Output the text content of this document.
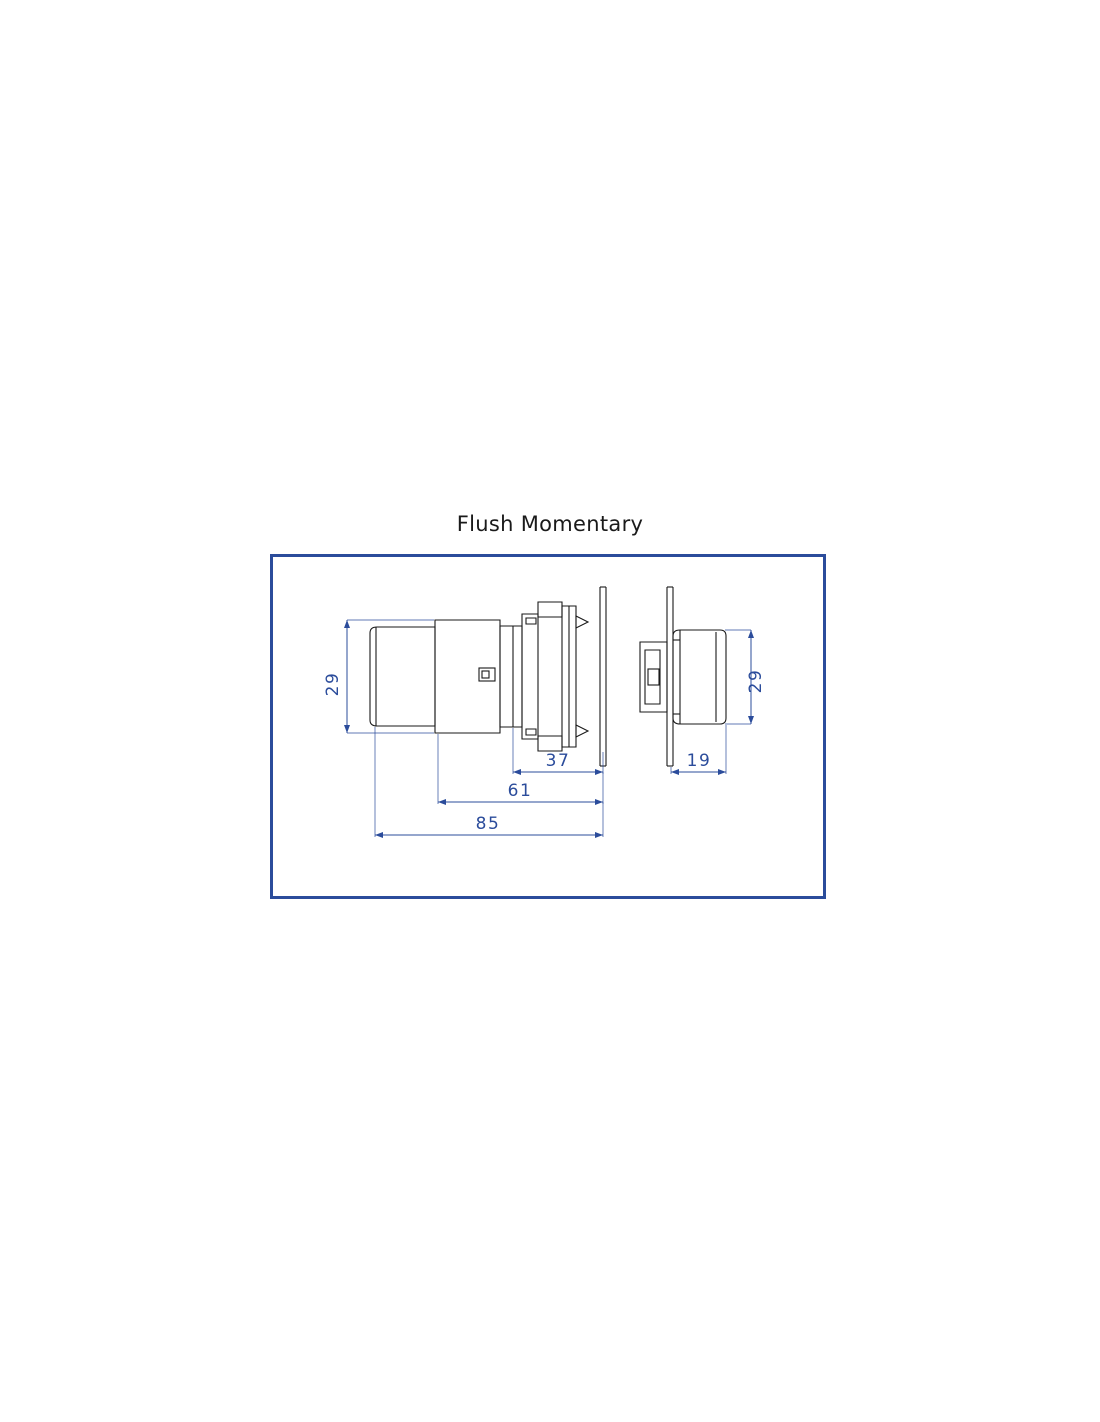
Flush Momentary
29	29
37
61
85
19
